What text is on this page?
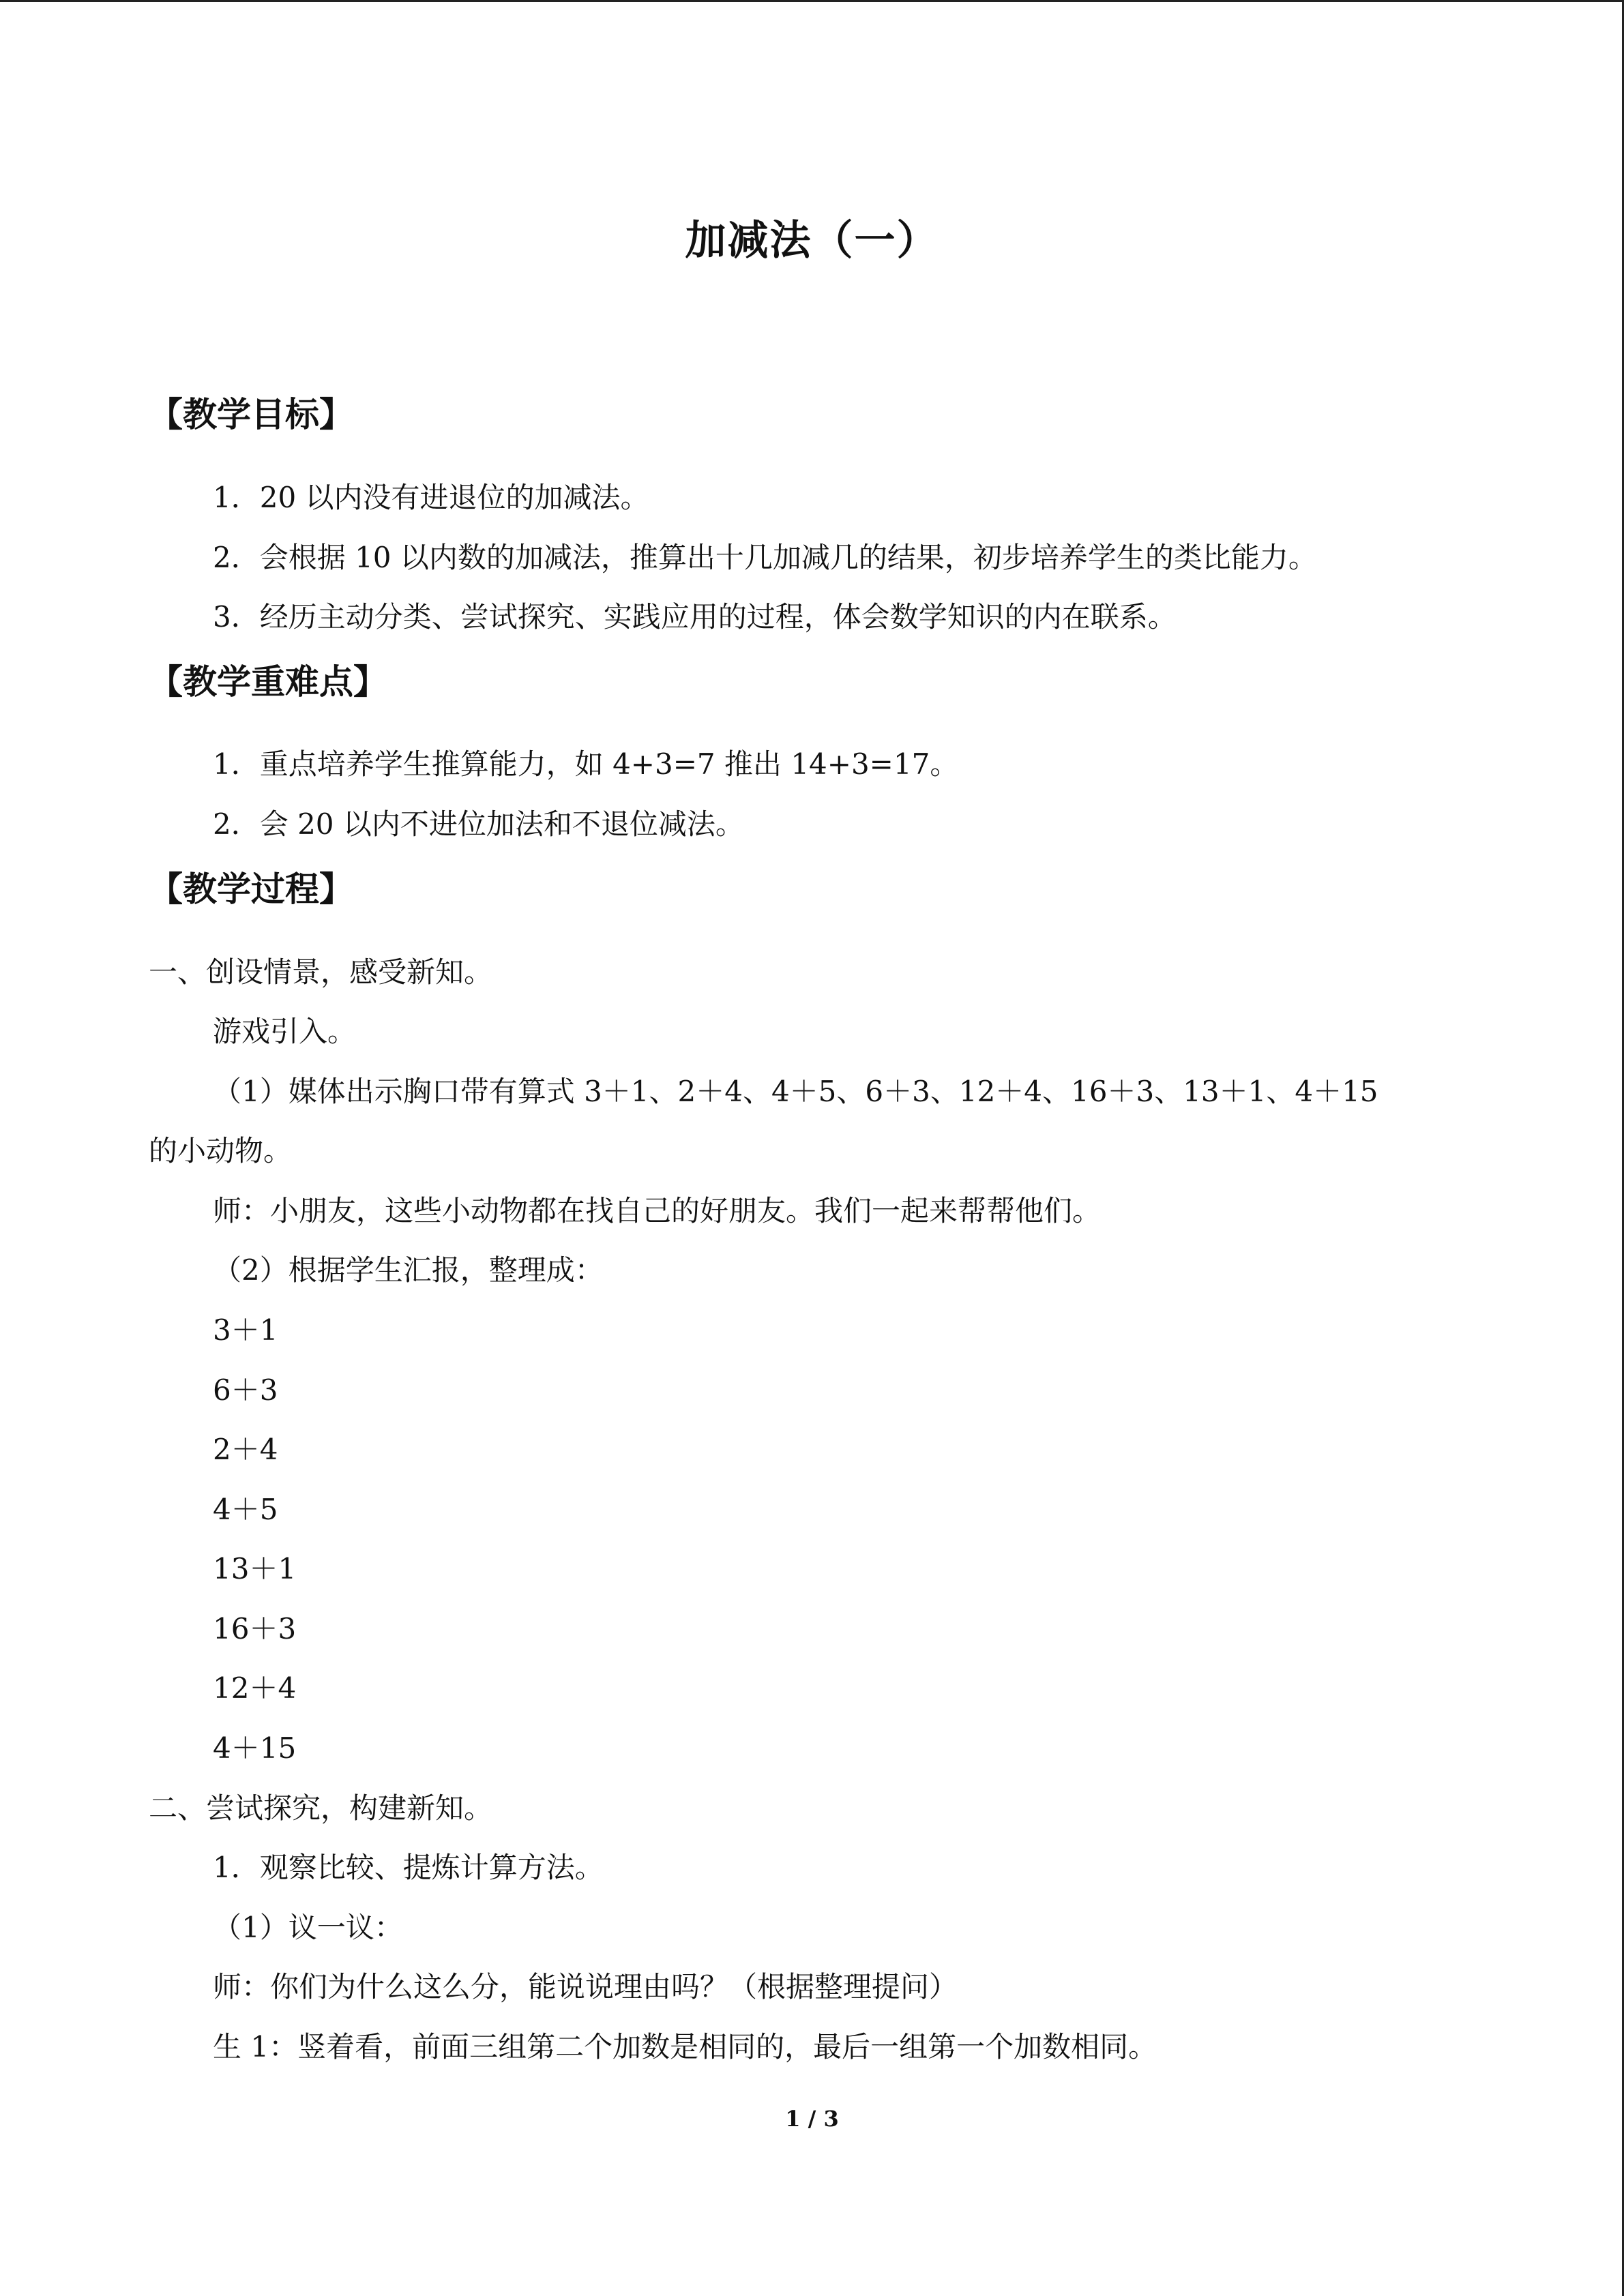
加减法（一）
【教学目标】
1．20 以内没有进退位的加减法。
2．会根据 10 以内数的加减法，推算出十几加减几的结果，初步培养学生的类比能力。
3．经历主动分类、尝试探究、实践应用的过程，体会数学知识的内在联系。
【教学重难点】
1．重点培养学生推算能力，如 4+3=7 推出 14+3=17。
2．会 20 以内不进位加法和不退位减法。
【教学过程】
一、创设情景，感受新知。
游戏引入。
（1）媒体出示胸口带有算式 3＋1、2＋4、4＋5、6＋3、12＋4、16＋3、13＋1、4＋15
的小动物。
师：小朋友，这些小动物都在找自己的好朋友。我们一起来帮帮他们。
（2）根据学生汇报，整理成：
3＋1
6＋3
2＋4
4＋5
13＋1
16＋3
12＋4
4＋15
二、尝试探究，构建新知。
1．观察比较、提炼计算方法。
（1）议一议：
师：你们为什么这么分，能说说理由吗？（根据整理提问）
生 1：竖着看，前面三组第二个加数是相同的，最后一组第一个加数相同。
1 / 3
